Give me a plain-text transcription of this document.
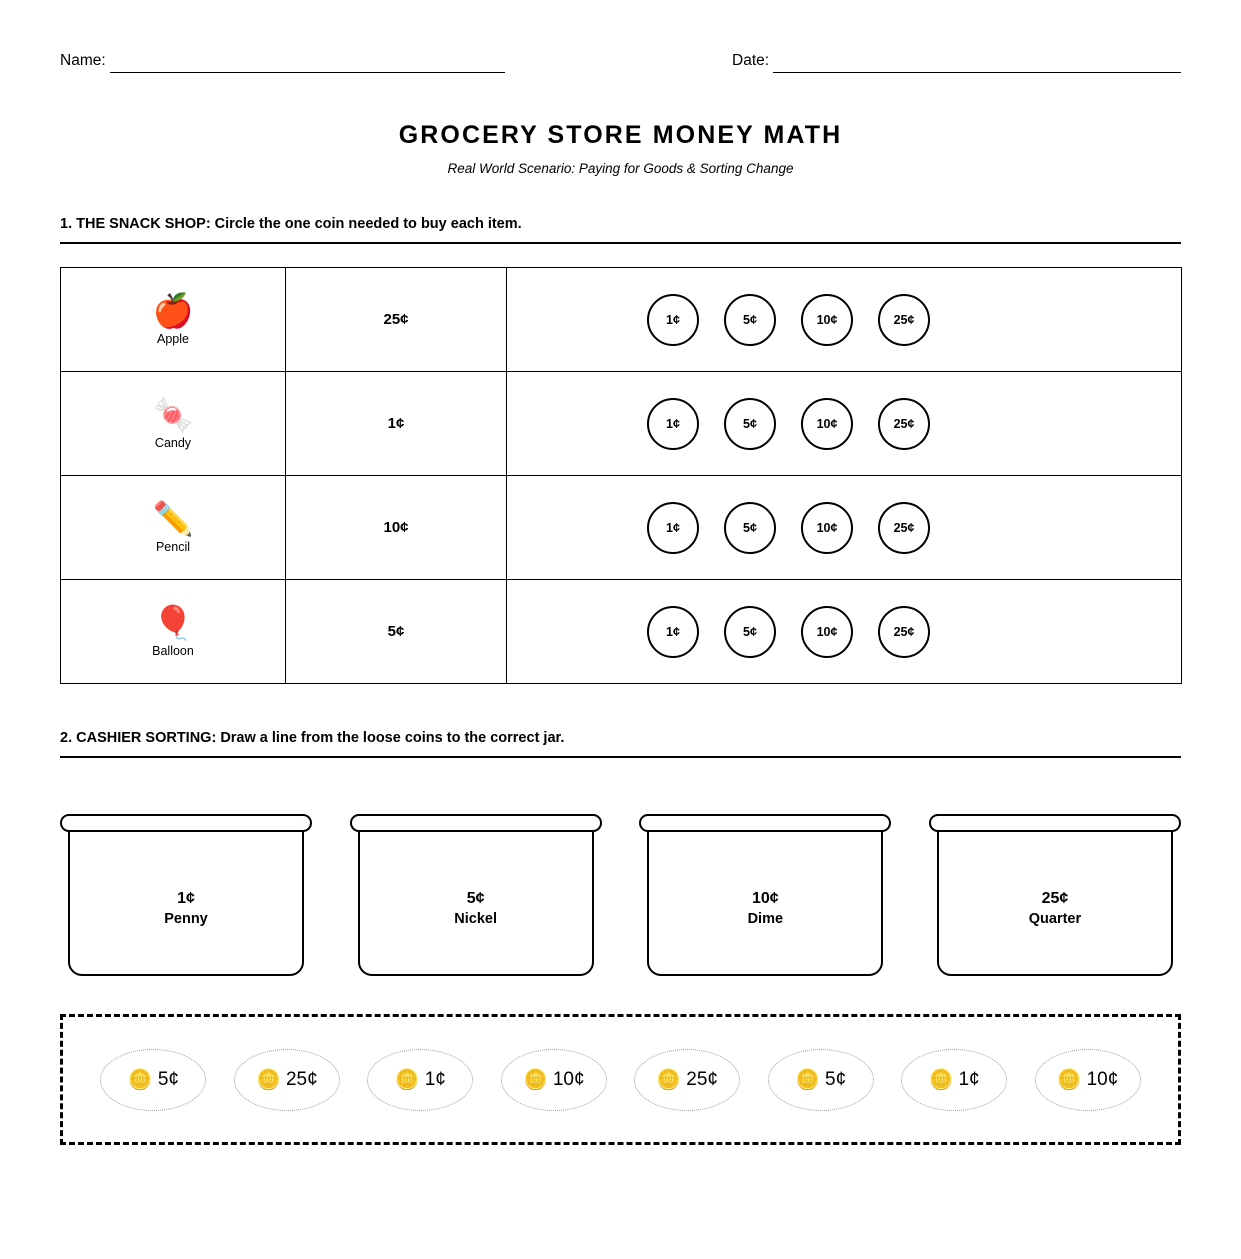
Name:	Date:
GROCERY STORE MONEY MATH
Real World Scenario: Paying for Goods & Sorting Change
1. THE SNACK SHOP: Circle the one coin needed to buy each item.
🍎
Apple
	25¢	1¢	5¢	10¢	25¢

🍬
Candy
	1¢	1¢	5¢	10¢	25¢

✏️
Pencil
	10¢	1¢	5¢	10¢	25¢

🎈
Balloon
	5¢	1¢	5¢	10¢	25¢
2. CASHIER SORTING: Draw a line from the loose coins to the correct jar.
1¢
Penny
5¢
Nickel
10¢
Dime
25¢
Quarter
🪙 5¢	🪙 25¢	🪙 1¢	🪙 10¢	🪙 25¢	🪙 5¢	🪙 1¢	🪙 10¢
